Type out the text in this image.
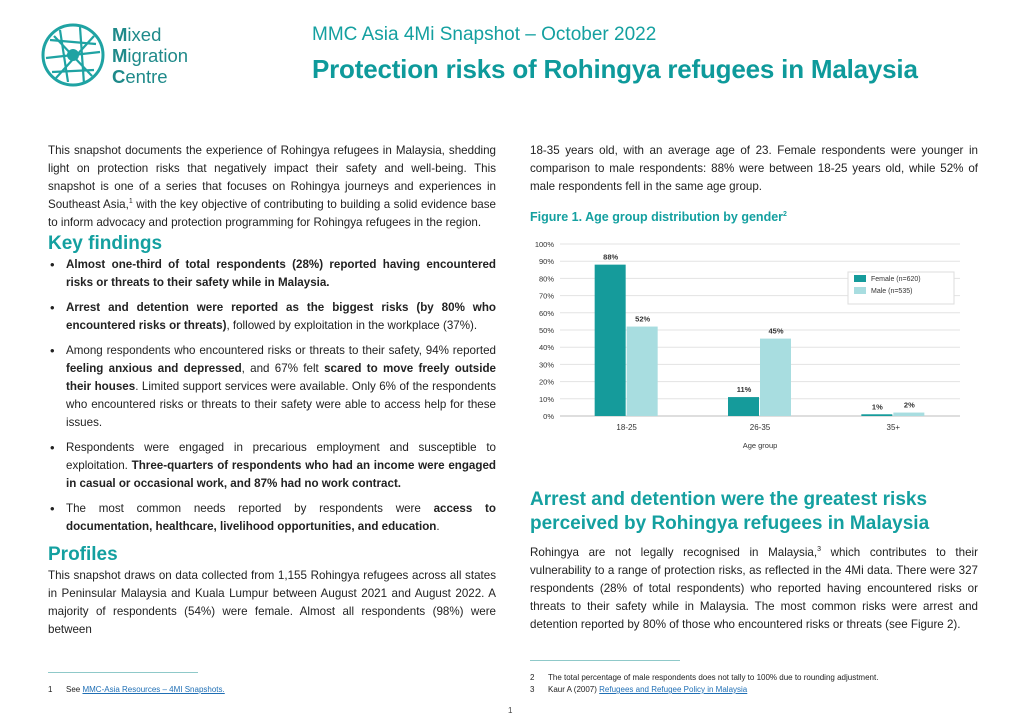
Mixed
Migration
Centre
MMC Asia 4Mi Snapshot – October 2022
Protection risks of Rohingya refugees in Malaysia

This snapshot documents the experience of Rohingya refugees in Malaysia, shedding light on protection risks that negatively impact their safety and well-being. This snapshot is one of a series that focuses on Rohingya journeys and experiences in Southeast Asia,$^1$ with the key objective of contributing to building a solid evidence base to inform advocacy and protection programming for Rohingya refugees in the region.

Key findings
• Almost one-third of total respondents (28%) reported having encountered risks or threats to their safety while in Malaysia.
• Arrest and detention were reported as the biggest risks (by 80% who encountered risks or threats), followed by exploitation in the workplace (37%).
• Among respondents who encountered risks or threats to their safety, 94% reported feeling anxious and depressed, and 67% felt scared to move freely outside their houses. Limited support services were available. Only 6% of the respondents who encountered risks or threats to their safety were able to access help for these issues.
• Respondents were engaged in precarious employment and susceptible to exploitation. Three-quarters of respondents who had an income were engaged in casual or occasional work, and 87% had no work contract.
• The most common needs reported by respondents were access to documentation, healthcare, livelihood opportunities, and education.
Profiles

This snapshot draws on data collected from 1,155 Rohingya refugees across all states in Peninsular Malaysia and Kuala Lumpur between August 2021 and August 2022. A majority of respondents (54%) were female. Almost all respondents (98%) were between

18-35 years old, with an average age of 23. Female respondents were younger in comparison to male respondents: 88% were between 18-25 years old, while 52% of male respondents fell in the same age group.

Figure 1. Age group distribution by gender$^2$
0%
10%
20%
30%
40%
50%
60%
70%
80%
90%
100%
88%
52%
18-25
11%
45%
26-35
1%	2%
35+
Age group
Female (n=620)
Male (n=535)
Arrest and detention were the greatest risks perceived by Rohingya refugees in Malaysia

Rohingya are not legally recognised in Malaysia,$^3$ which contributes to their vulnerability to a range of protection risks, as reflected in the 4Mi data. There were 327 respondents (28% of total respondents) who reported having encountered risks or threats to their safety while in Malaysia. The most common risks were arrest and detention reported by 80% of those who encountered risks or threats (see Figure 2).

1 See MMC-Asia Resources – 4MI Snapshots.
2 The total percentage of male respondents does not tally to 100% due to rounding adjustment.
3 Kaur A (2007) Refugees and Refugee Policy in Malaysia
1
